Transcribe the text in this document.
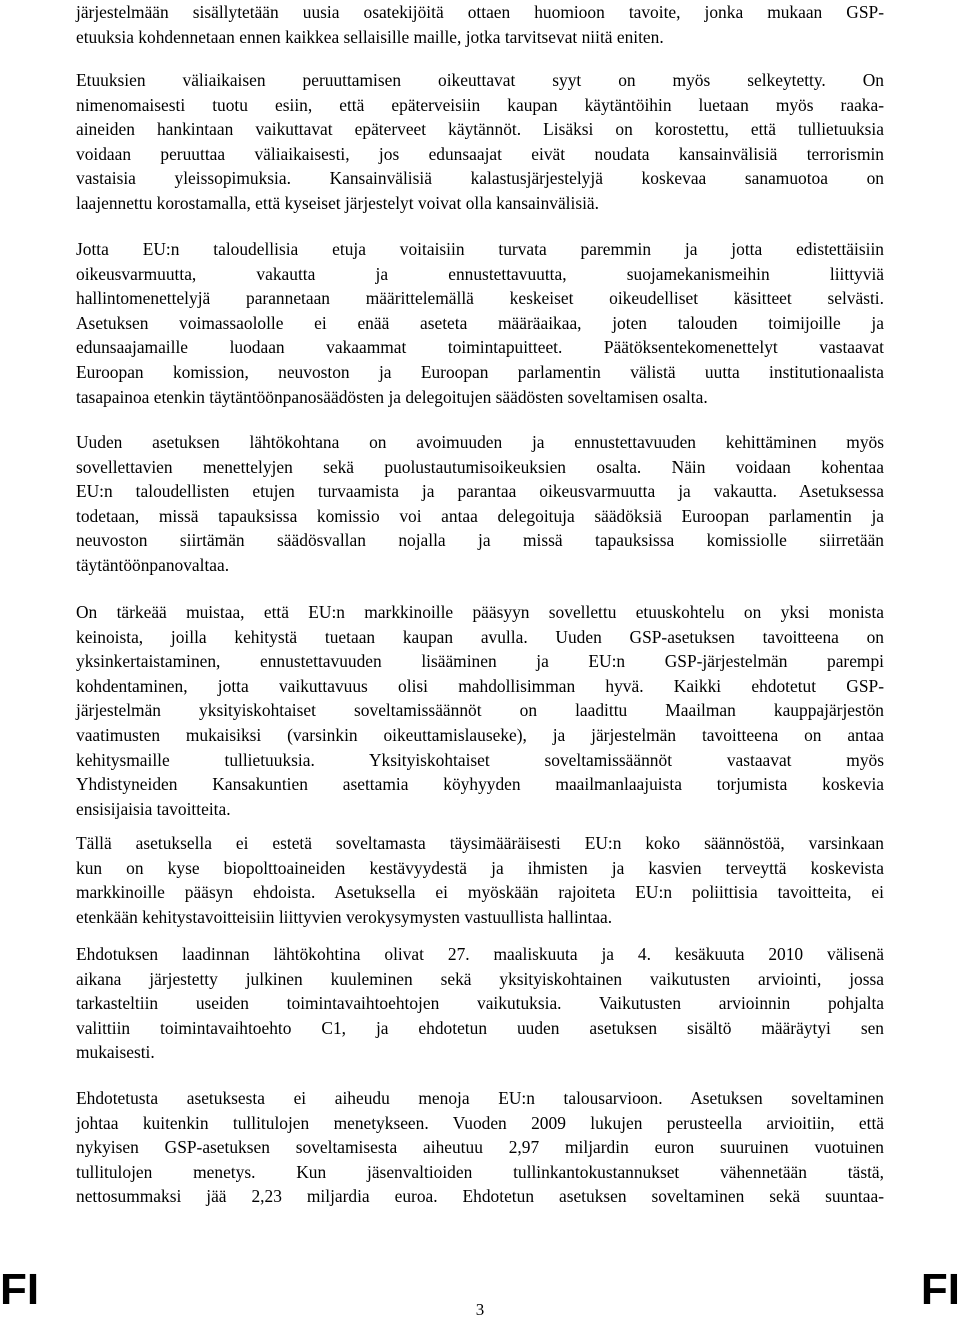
järjestelmään sisällytetään uusia osatekijöitä ottaen huomioon tavoite, jonka mukaan GSP-
etuuksia kohdennetaan ennen kaikkea sellaisille maille, jotka tarvitsevat niitä eniten.
Etuuksien väliaikaisen peruuttamisen oikeuttavat syyt on myös selkeytetty. On
nimenomaisesti tuotu esiin, että epäterveisiin kaupan käytäntöihin luetaan myös raaka-
aineiden hankintaan vaikuttavat epäterveet käytännöt. Lisäksi on korostettu, että tullietuuksia
voidaan peruuttaa väliaikaisesti, jos edunsaajat eivät noudata kansainvälisiä terrorismin
vastaisia yleissopimuksia. Kansainvälisiä kalastusjärjestelyjä koskevaa sanamuotoa on
laajennettu korostamalla, että kyseiset järjestelyt voivat olla kansainvälisiä.
Jotta EU:n taloudellisia etuja voitaisiin turvata paremmin ja jotta edistettäisiin
oikeusvarmuutta, vakautta ja ennustettavuutta, suojamekanismeihin liittyviä
hallintomenettelyjä parannetaan määrittelemällä keskeiset oikeudelliset käsitteet selvästi.
Asetuksen voimassaololle ei enää aseteta määräaikaa, joten talouden toimijoille ja
edunsaajamaille luodaan vakaammat toimintapuitteet. Päätöksentekomenettelyt vastaavat
Euroopan komission, neuvoston ja Euroopan parlamentin välistä uutta institutionaalista
tasapainoa etenkin täytäntöönpanosäädösten ja delegoitujen säädösten soveltamisen osalta.
Uuden asetuksen lähtökohtana on avoimuuden ja ennustettavuuden kehittäminen myös
sovellettavien menettelyjen sekä puolustautumisoikeuksien osalta. Näin voidaan kohentaa
EU:n taloudellisten etujen turvaamista ja parantaa oikeusvarmuutta ja vakautta. Asetuksessa
todetaan, missä tapauksissa komissio voi antaa delegoituja säädöksiä Euroopan parlamentin ja
neuvoston siirtämän säädösvallan nojalla ja missä tapauksissa komissiolle siirretään
täytäntöönpanovaltaa.
On tärkeää muistaa, että EU:n markkinoille pääsyyn sovellettu etuuskohtelu on yksi monista
keinoista, joilla kehitystä tuetaan kaupan avulla. Uuden GSP-asetuksen tavoitteena on
yksinkertaistaminen, ennustettavuuden lisääminen ja EU:n GSP-järjestelmän parempi
kohdentaminen, jotta vaikuttavuus olisi mahdollisimman hyvä. Kaikki ehdotetut GSP-
järjestelmän yksityiskohtaiset soveltamissäännöt on laadittu Maailman kauppajärjestön
vaatimusten mukaisiksi (varsinkin oikeuttamislauseke), ja järjestelmän tavoitteena on antaa
kehitysmaille tullietuuksia. Yksityiskohtaiset soveltamissäännöt vastaavat myös
Yhdistyneiden Kansakuntien asettamia köyhyyden maailmanlaajuista torjumista koskevia
ensisijaisia tavoitteita.
Tällä asetuksella ei estetä soveltamasta täysimääräisesti EU:n koko säännöstöä, varsinkaan
kun on kyse biopolttoaineiden kestävyydestä ja ihmisten ja kasvien terveyttä koskevista
markkinoille pääsyn ehdoista. Asetuksella ei myöskään rajoiteta EU:n poliittisia tavoitteita, ei
etenkään kehitystavoitteisiin liittyvien verokysymysten vastuullista hallintaa.
Ehdotuksen laadinnan lähtökohtina olivat 27. maaliskuuta ja 4. kesäkuuta 2010 välisenä
aikana järjestetty julkinen kuuleminen sekä yksityiskohtainen vaikutusten arviointi, jossa
tarkasteltiin useiden toimintavaihtoehtojen vaikutuksia. Vaikutusten arvioinnin pohjalta
valittiin toimintavaihtoehto C1, ja ehdotetun uuden asetuksen sisältö määräytyi sen
mukaisesti.
Ehdotetusta asetuksesta ei aiheudu menoja EU:n talousarvioon. Asetuksen soveltaminen
johtaa kuitenkin tullitulojen menetykseen. Vuoden 2009 lukujen perusteella arvioitiin, että
nykyisen GSP-asetuksen soveltamisesta aiheutuu 2,97 miljardin euron suuruinen vuotuinen
tullitulojen menetys. Kun jäsenvaltioiden tullinkantokustannukset vähennetään tästä,
nettosummaksi jää 2,23 miljardia euroa. Ehdotetun asetuksen soveltaminen sekä suuntaa-
FI	3	FI
